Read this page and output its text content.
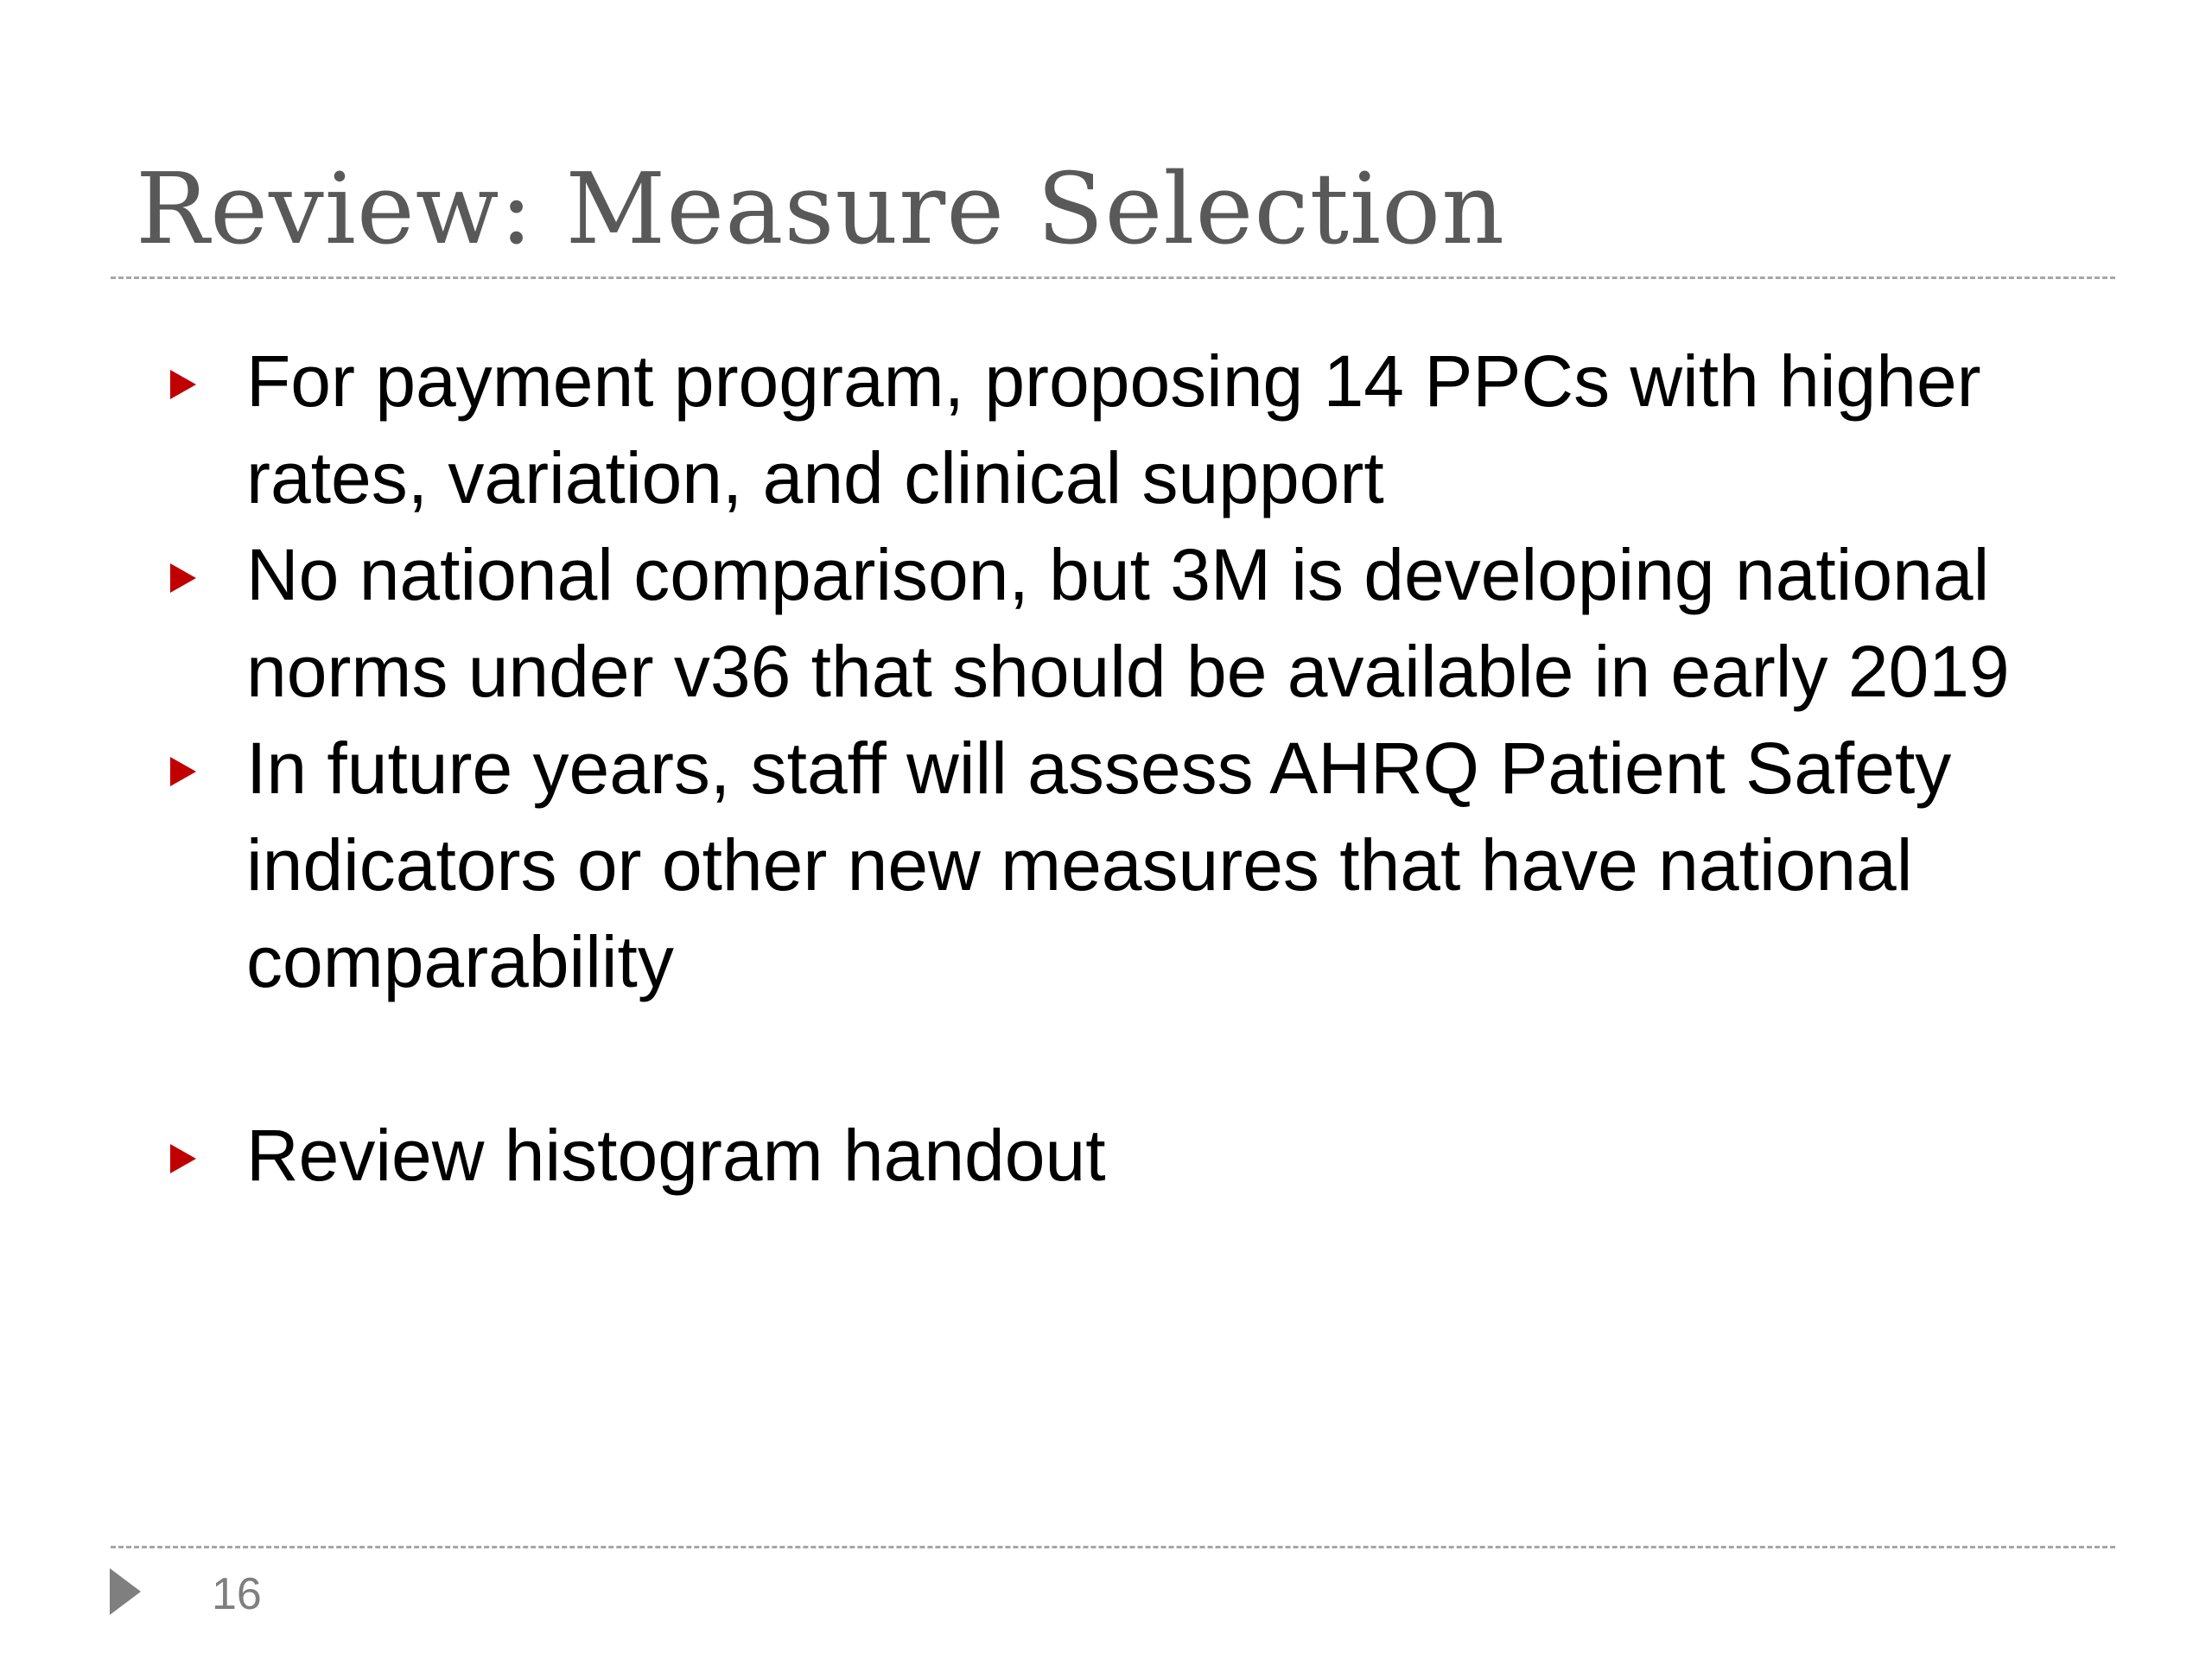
Review: Measure Selection
For payment program, proposing 14 PPCs with higher rates, variation, and clinical support
No national comparison, but 3M is developing national norms under v36 that should be available in early 2019
In future years, staff will assess AHRQ Patient Safety indicators or other new measures that have national comparability
Review histogram handout
16
